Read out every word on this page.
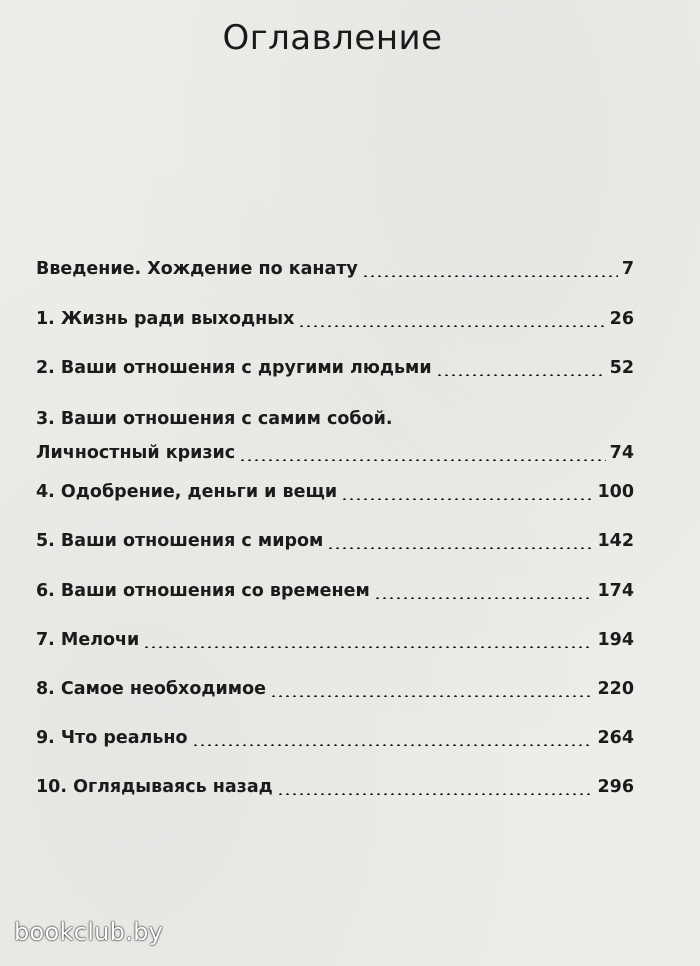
Оглавление
Введение. Хождение по канату	7
1. Жизнь ради выходных	26
2. Ваши отношения с другими людьми	52
3. Ваши отношения с самим собой.
Личностный кризис	74
4. Одобрение, деньги и вещи	100
5. Ваши отношения с миром	142
6. Ваши отношения со временем	174
7. Мелочи	194
8. Самое необходимое	220
9. Что реально	264
10. Оглядываясь назад	296
bookclub.by
